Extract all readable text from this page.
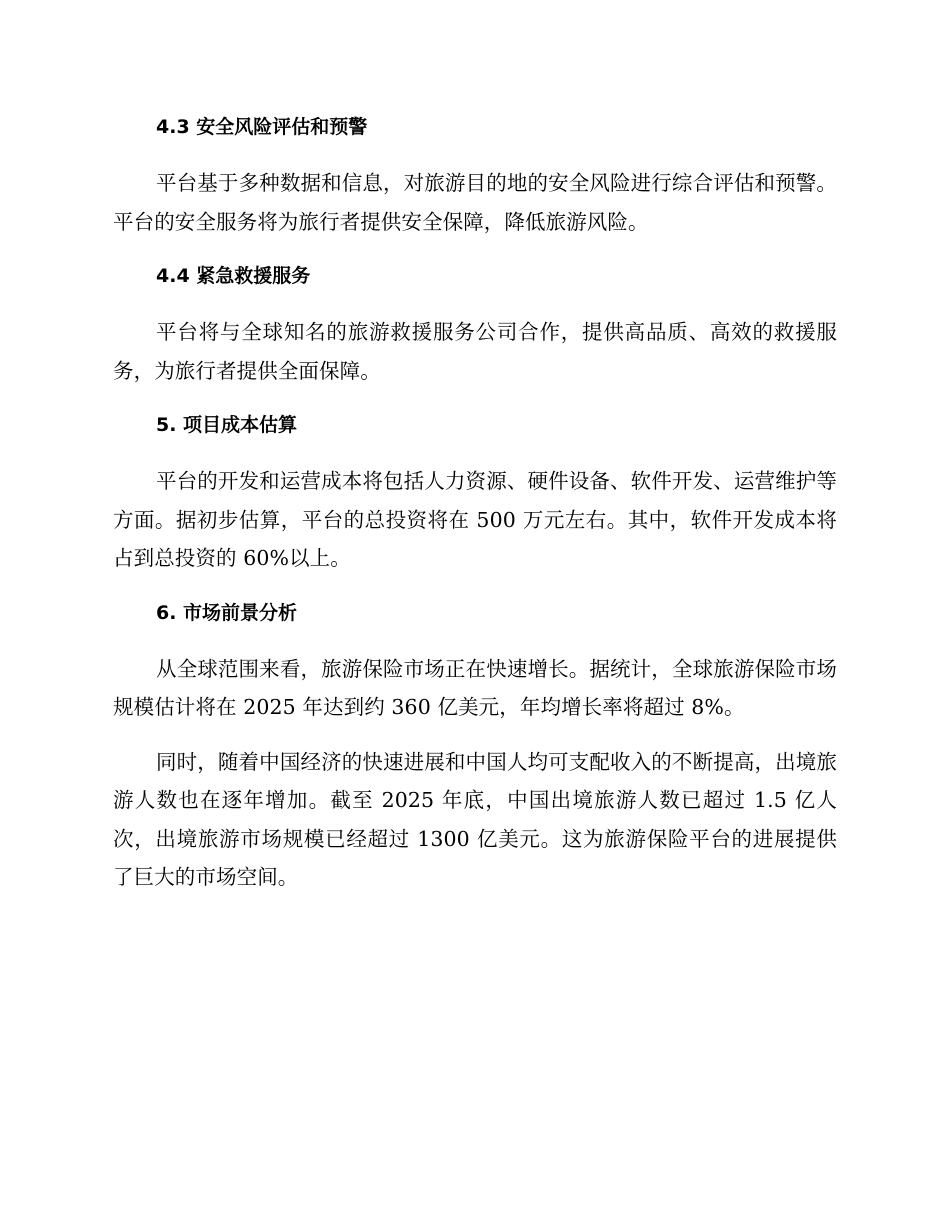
4.3 安全风险评估和预警

平台基于多种数据和信息，对旅游目的地的安全风险进行综合评估和预警。平台的安全服务将为旅行者提供安全保障，降低旅游风险。

4.4 紧急救援服务

平台将与全球知名的旅游救援服务公司合作，提供高品质、高效的救援服务，为旅行者提供全面保障。

5. 项目成本估算

平台的开发和运营成本将包括人力资源、硬件设备、软件开发、运营维护等方面。据初步估算，平台的总投资将在 500 万元左右。其中，软件开发成本将占到总投资的 60%以上。

6. 市场前景分析

从全球范围来看，旅游保险市场正在快速增长。据统计，全球旅游保险市场规模估计将在 2025 年达到约 360 亿美元，年均增长率将超过 8%。

同时，随着中国经济的快速进展和中国人均可支配收入的不断提高，出境旅游人数也在逐年增加。截至 2025 年底，中国出境旅游人数已超过 1.5 亿人次，出境旅游市场规模已经超过 1300 亿美元。这为旅游保险平台的进展提供了巨大的市场空间。
